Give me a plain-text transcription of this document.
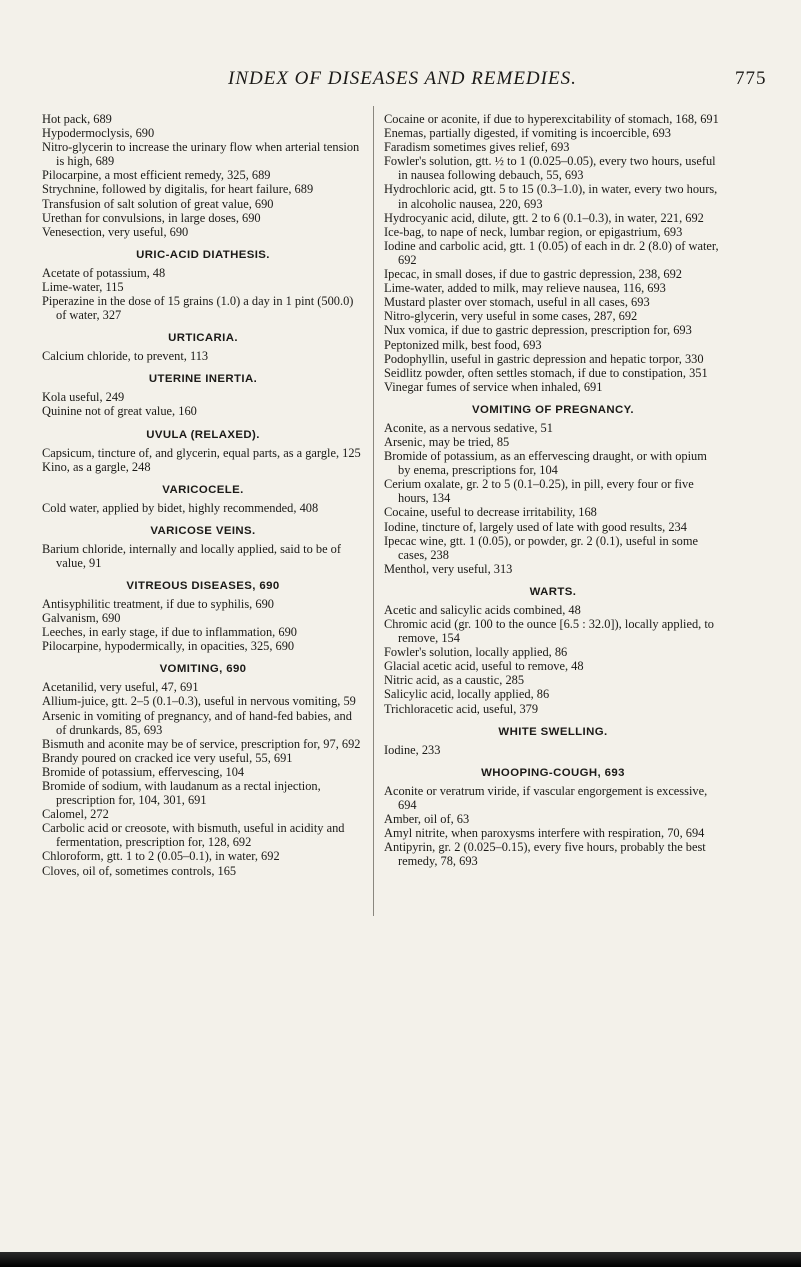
INDEX OF DISEASES AND REMEDIES.	775

Hot pack, 689

Hypodermoclysis, 690

Nitro-glycerin to increase the urinary flow when arterial tension is high, 689

Pilocarpine, a most efficient remedy, 325, 689

Strychnine, followed by digitalis, for heart failure, 689

Transfusion of salt solution of great value, 690

Urethan for convulsions, in large doses, 690

Venesection, very useful, 690

URIC-ACID DIATHESIS.

Acetate of potassium, 48

Lime-water, 115

Piperazine in the dose of 15 grains (1.0) a day in 1 pint (500.0) of water, 327

URTICARIA.

Calcium chloride, to prevent, 113

UTERINE INERTIA.

Kola useful, 249

Quinine not of great value, 160

UVULA (RELAXED).

Capsicum, tincture of, and glycerin, equal parts, as a gargle, 125

Kino, as a gargle, 248

VARICOCELE.

Cold water, applied by bidet, highly recommended, 408

VARICOSE VEINS.

Barium chloride, internally and locally applied, said to be of value, 91

VITREOUS DISEASES, 690

Antisyphilitic treatment, if due to syphilis, 690

Galvanism, 690

Leeches, in early stage, if due to inflammation, 690

Pilocarpine, hypodermically, in opacities, 325, 690

VOMITING, 690

Acetanilid, very useful, 47, 691

Allium-juice, gtt. 2–5 (0.1–0.3), useful in nervous vomiting, 59

Arsenic in vomiting of pregnancy, and of hand-fed babies, and of drunkards, 85, 693

Bismuth and aconite may be of service, prescription for, 97, 692

Brandy poured on cracked ice very useful, 55, 691

Bromide of potassium, effervescing, 104

Bromide of sodium, with laudanum as a rectal injection, prescription for, 104, 301, 691

Calomel, 272

Carbolic acid or creosote, with bismuth, useful in acidity and fermentation, prescription for, 128, 692

Chloroform, gtt. 1 to 2 (0.05–0.1), in water, 692

Cloves, oil of, sometimes controls, 165

Cocaine or aconite, if due to hyperexcitability of stomach, 168, 691

Enemas, partially digested, if vomiting is incoercible, 693

Faradism sometimes gives relief, 693

Fowler's solution, gtt. ½ to 1 (0.025–0.05), every two hours, useful in nausea following debauch, 55, 693

Hydrochloric acid, gtt. 5 to 15 (0.3–1.0), in water, every two hours, in alcoholic nausea, 220, 693

Hydrocyanic acid, dilute, gtt. 2 to 6 (0.1–0.3), in water, 221, 692

Ice-bag, to nape of neck, lumbar region, or epigastrium, 693

Iodine and carbolic acid, gtt. 1 (0.05) of each in dr. 2 (8.0) of water, 692

Ipecac, in small doses, if due to gastric depression, 238, 692

Lime-water, added to milk, may relieve nausea, 116, 693

Mustard plaster over stomach, useful in all cases, 693

Nitro-glycerin, very useful in some cases, 287, 692

Nux vomica, if due to gastric depression, prescription for, 693

Peptonized milk, best food, 693

Podophyllin, useful in gastric depression and hepatic torpor, 330

Seidlitz powder, often settles stomach, if due to constipation, 351

Vinegar fumes of service when inhaled, 691

VOMITING OF PREGNANCY.

Aconite, as a nervous sedative, 51

Arsenic, may be tried, 85

Bromide of potassium, as an effervescing draught, or with opium by enema, prescriptions for, 104

Cerium oxalate, gr. 2 to 5 (0.1–0.25), in pill, every four or five hours, 134

Cocaine, useful to decrease irritability, 168

Iodine, tincture of, largely used of late with good results, 234

Ipecac wine, gtt. 1 (0.05), or powder, gr. 2 (0.1), useful in some cases, 238

Menthol, very useful, 313

WARTS.

Acetic and salicylic acids combined, 48

Chromic acid (gr. 100 to the ounce [6.5 : 32.0]), locally applied, to remove, 154

Fowler's solution, locally applied, 86

Glacial acetic acid, useful to remove, 48

Nitric acid, as a caustic, 285

Salicylic acid, locally applied, 86

Trichloracetic acid, useful, 379

WHITE SWELLING.

Iodine, 233

WHOOPING-COUGH, 693

Aconite or veratrum viride, if vascular engorgement is excessive, 694

Amber, oil of, 63

Amyl nitrite, when paroxysms interfere with respiration, 70, 694

Antipyrin, gr. 2 (0.025–0.15), every five hours, probably the best remedy, 78, 693
